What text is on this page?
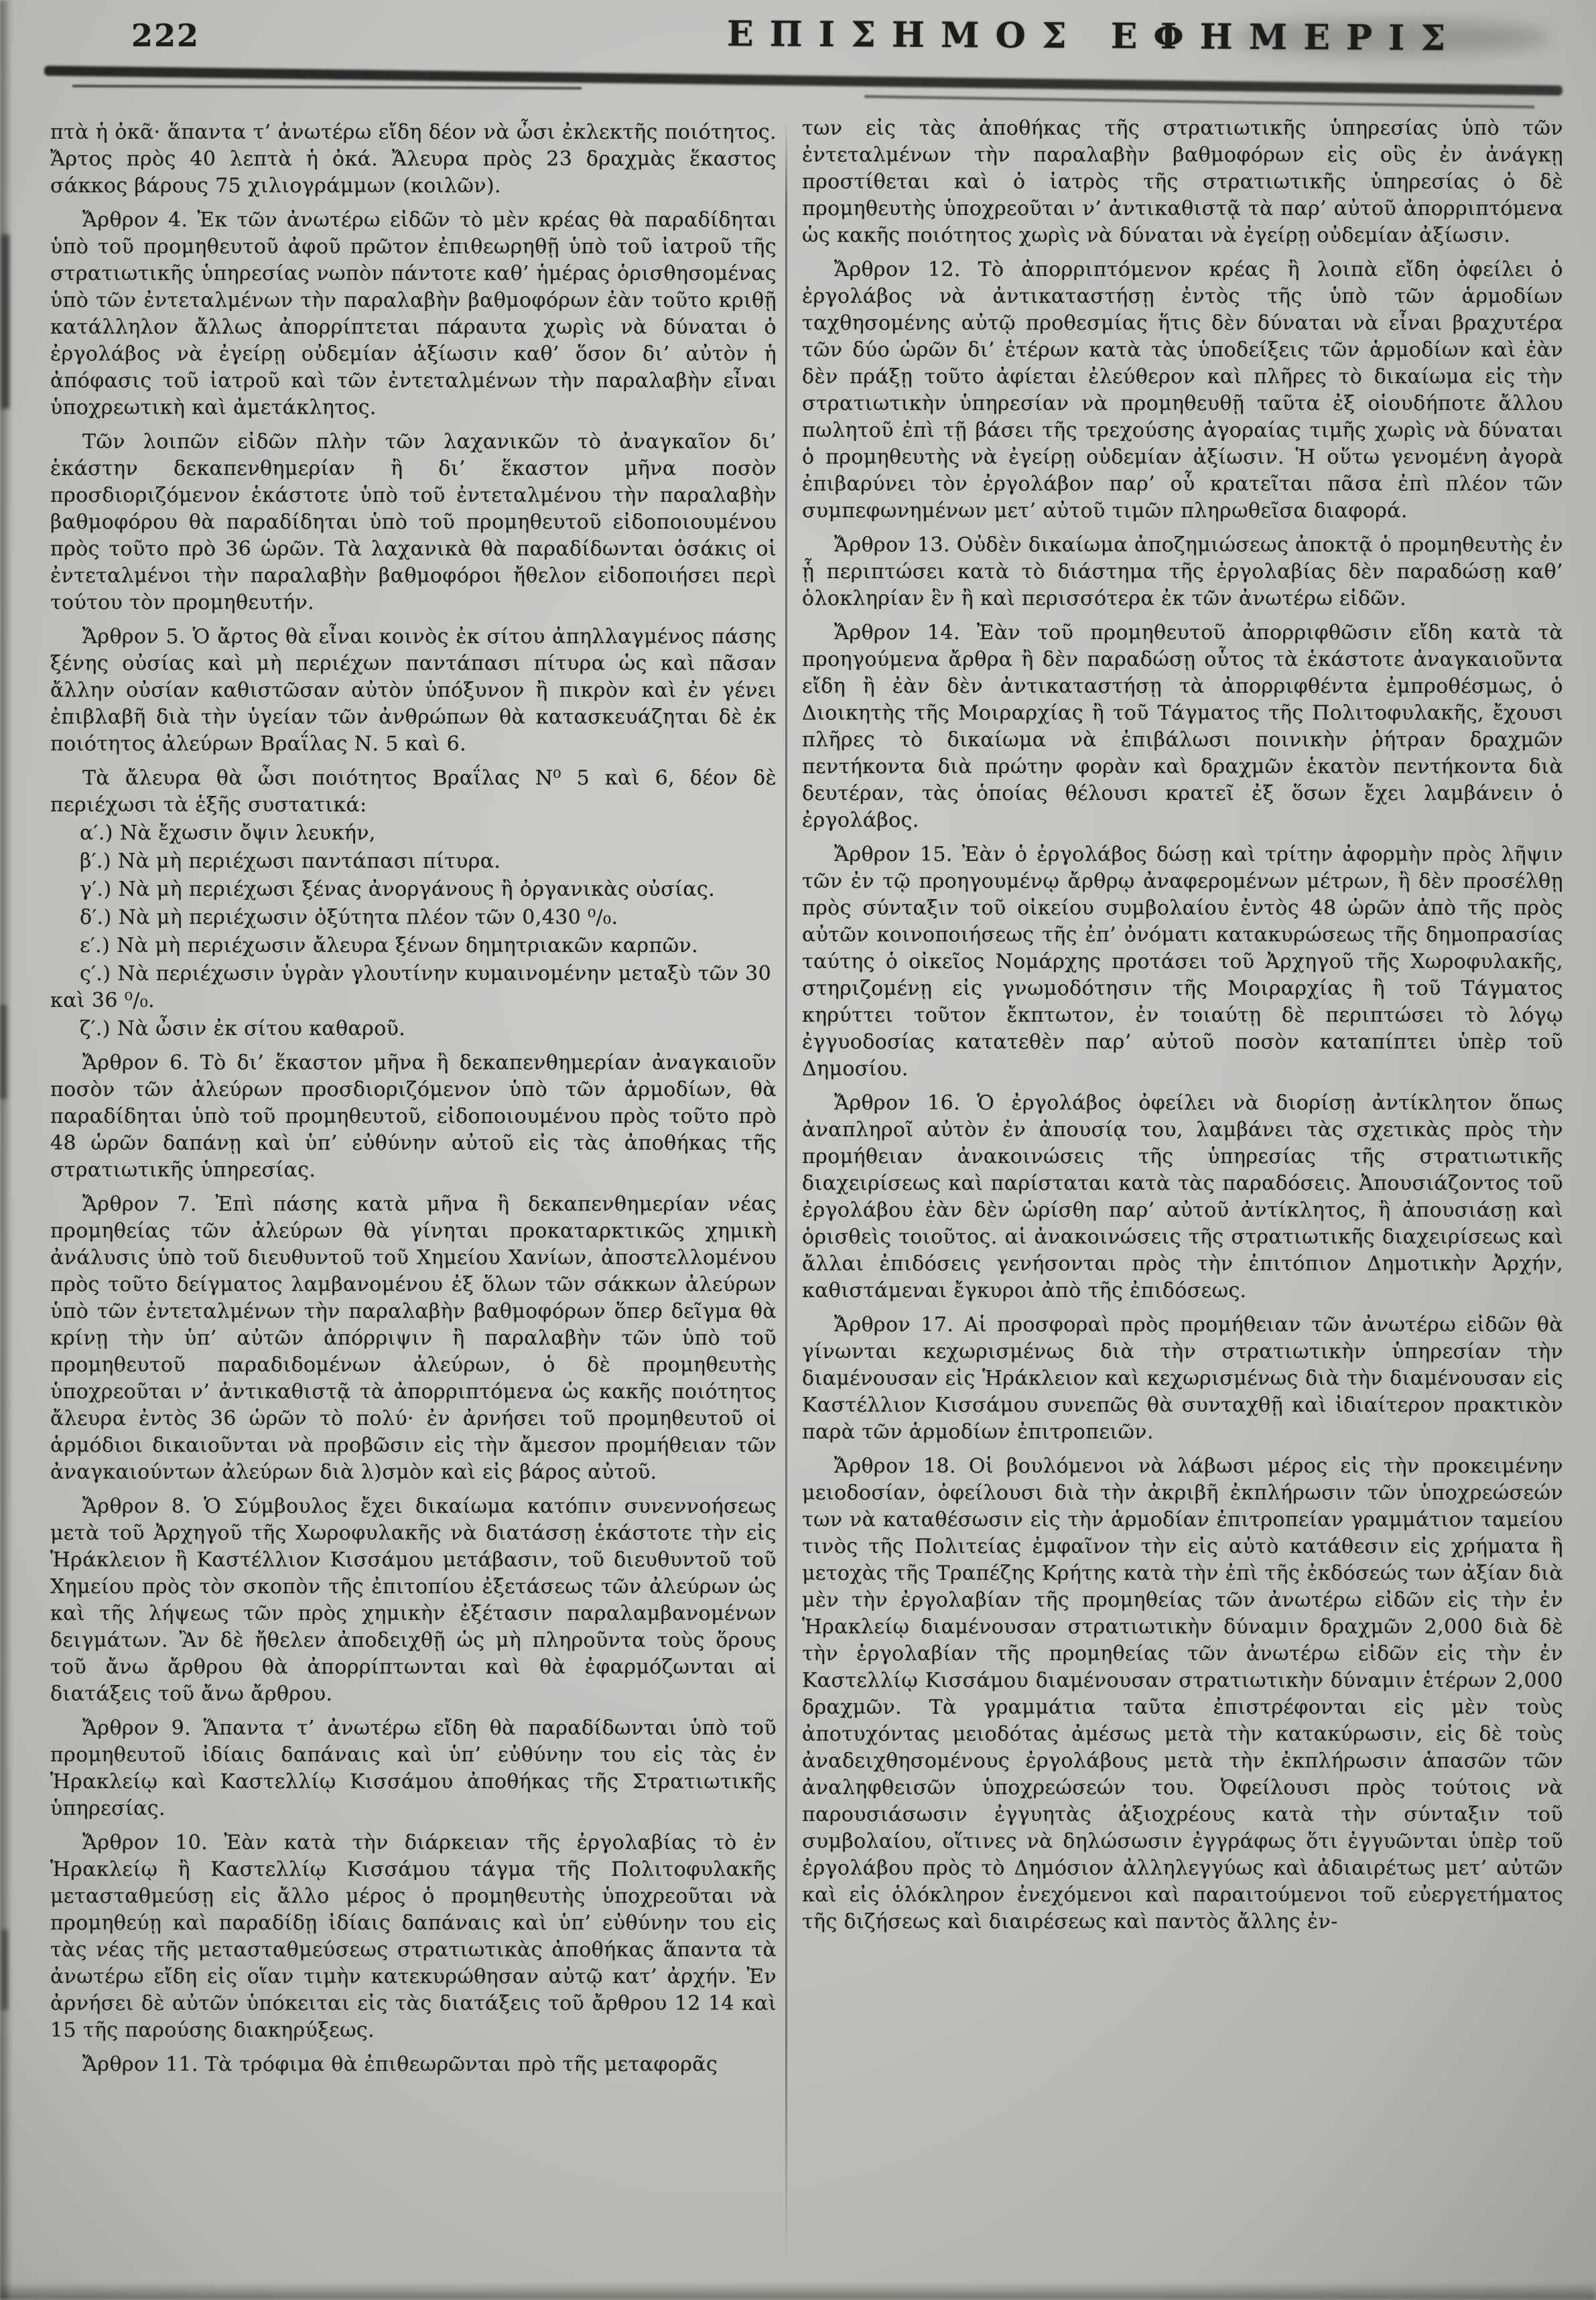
222	ΕΠΙΣΗΜΟΣ ΕΦΗΜΕΡΙΣ

πτὰ ἡ ὀκᾶ· ἅπαντα τ’ ἀνωτέρω εἴδη δέον νὰ ὦσι ἐκλεκτῆς ποιότητος. Ἄρτος πρὸς 40 λεπτὰ ἡ ὀκά. Ἄλευρα πρὸς 23 δραχμὰς ἕκαστος σάκκος βάρους 75 χιλιογράμμων (κοιλῶν).

Ἄρθρον 4. Ἐκ τῶν ἀνωτέρω εἰδῶν τὸ μὲν κρέας θὰ παραδίδηται ὑπὸ τοῦ προμηθευτοῦ ἀφοῦ πρῶτον ἐπιθεωρηθῇ ὑπὸ τοῦ ἰατροῦ τῆς στρατιωτικῆς ὑπηρεσίας νωπὸν πάντοτε καθ’ ἡμέρας ὁρισθησομένας ὑπὸ τῶν ἐντεταλμένων τὴν παραλαβὴν βαθμοφόρων ἐὰν τοῦτο κριθῇ κατάλληλον ἄλλως ἀπορρίπτεται πάραυτα χωρὶς νὰ δύναται ὁ ἐργολάβος νὰ ἐγείρῃ οὐδεμίαν ἀξίωσιν καθ’ ὅσον δι’ αὐτὸν ἡ ἀπόφασις τοῦ ἰατροῦ καὶ τῶν ἐντεταλμένων τὴν παραλαβὴν εἶναι ὑποχρεωτικὴ καὶ ἀμετάκλητος.

Τῶν λοιπῶν εἰδῶν πλὴν τῶν λαχανικῶν τὸ ἀναγκαῖον δι’ ἑκάστην δεκαπενθημερίαν ἢ δι’ ἕκαστον μῆνα ποσὸν προσδιοριζόμενον ἑκάστοτε ὑπὸ τοῦ ἐντεταλμένου τὴν παραλαβὴν βαθμοφόρου θὰ παραδίδηται ὑπὸ τοῦ προμηθευτοῦ εἰδοποιουμένου πρὸς τοῦτο πρὸ 36 ὡρῶν. Τὰ λαχανικὰ θὰ παραδίδωνται ὁσάκις οἱ ἐντεταλμένοι τὴν παραλαβὴν βαθμοφόροι ἤθελον εἰδοποιήσει περὶ τούτου τὸν προμηθευτήν.

Ἄρθρον 5. Ὁ ἄρτος θὰ εἶναι κοινὸς ἐκ σίτου ἀπηλλαγμένος πάσης ξένης οὐσίας καὶ μὴ περιέχων παντάπασι πίτυρα ὡς καὶ πᾶσαν ἄλλην οὐσίαν καθιστῶσαν αὐτὸν ὑπόξυνον ἢ πικρὸν καὶ ἐν γένει ἐπιβλαβῆ διὰ τὴν ὑγείαν τῶν ἀνθρώπων θὰ κατασκευάζηται δὲ ἐκ ποιότητος ἀλεύρων Βραΐλας Ν. 5 καὶ 6.

Τὰ ἄλευρα θὰ ὦσι ποιότητος Βραΐλας Ν⁰ 5 καὶ 6, δέον δὲ περιέχωσι τὰ ἑξῆς συστατικά:

α′.) Νὰ ἔχωσιν ὄψιν λευκήν,

β′.) Νὰ μὴ περιέχωσι παντάπασι πίτυρα.

γ′.) Νὰ μὴ περιέχωσι ξένας ἀνοργάνους ἢ ὀργανικὰς οὐσίας.

δ′.) Νὰ μὴ περιέχωσιν ὀξύτητα πλέον τῶν 0,430 ⁰/₀.

ε′.) Νὰ μὴ περιέχωσιν ἄλευρα ξένων δημητριακῶν καρπῶν.

ς′.) Νὰ περιέχωσιν ὑγρὰν γλουτίνην κυμαινομένην μεταξὺ τῶν 30 καὶ 36 ⁰/₀.

ζ′.) Νὰ ὦσιν ἐκ σίτου καθαροῦ.

Ἄρθρον 6. Τὸ δι’ ἕκαστον μῆνα ἢ δεκαπενθημερίαν ἀναγκαιοῦν ποσὸν τῶν ἀλεύρων προσδιοριζόμενον ὑπὸ τῶν ἁρμοδίων, θὰ παραδίδηται ὑπὸ τοῦ προμηθευτοῦ, εἰδοποιουμένου πρὸς τοῦτο πρὸ 48 ὡρῶν δαπάνῃ καὶ ὑπ’ εὐθύνην αὐτοῦ εἰς τὰς ἀποθήκας τῆς στρατιωτικῆς ὑπηρεσίας.

Ἄρθρον 7. Ἐπὶ πάσης κατὰ μῆνα ἢ δεκαπενθημερίαν νέας προμηθείας τῶν ἀλεύρων θὰ γίνηται προκαταρκτικῶς χημικὴ ἀνάλυσις ὑπὸ τοῦ διευθυντοῦ τοῦ Χημείου Χανίων, ἀποστελλομένου πρὸς τοῦτο δείγματος λαμβανομένου ἐξ ὅλων τῶν σάκκων ἀλεύρων ὑπὸ τῶν ἐντεταλμένων τὴν παραλαβὴν βαθμοφόρων ὅπερ δεῖγμα θὰ κρίνῃ τὴν ὑπ’ αὐτῶν ἀπόρριψιν ἢ παραλαβὴν τῶν ὑπὸ τοῦ προμηθευτοῦ παραδιδομένων ἀλεύρων, ὁ δὲ προμηθευτὴς ὑποχρεοῦται ν’ ἀντικαθιστᾷ τὰ ἀπορριπτόμενα ὡς κακῆς ποιότητος ἄλευρα ἐντὸς 36 ὡρῶν τὸ πολύ· ἐν ἀρνήσει τοῦ προμηθευτοῦ οἱ ἁρμόδιοι δικαιοῦνται νὰ προβῶσιν εἰς τὴν ἄμεσον προμήθειαν τῶν ἀναγκαιούντων ἀλεύρων διὰ λ)σμὸν καὶ εἰς βάρος αὐτοῦ.

Ἄρθρον 8. Ὁ Σύμβουλος ἔχει δικαίωμα κατόπιν συνεννοήσεως μετὰ τοῦ Ἀρχηγοῦ τῆς Χωροφυλακῆς νὰ διατάσσῃ ἑκάστοτε τὴν εἰς Ἡράκλειον ἢ Καστέλλιον Κισσάμου μετάβασιν, τοῦ διευθυντοῦ τοῦ Χημείου πρὸς τὸν σκοπὸν τῆς ἐπιτοπίου ἐξετάσεως τῶν ἀλεύρων ὡς καὶ τῆς λήψεως τῶν πρὸς χημικὴν ἐξέτασιν παραλαμβανομένων δειγμάτων. Ἂν δὲ ἤθελεν ἀποδειχθῇ ὡς μὴ πληροῦντα τοὺς ὅρους τοῦ ἄνω ἄρθρου θὰ ἀπορρίπτωνται καὶ θὰ ἐφαρμόζωνται αἱ διατάξεις τοῦ ἄνω ἄρθρου.

Ἄρθρον 9. Ἅπαντα τ’ ἀνωτέρω εἴδη θὰ παραδίδωνται ὑπὸ τοῦ προμηθευτοῦ ἰδίαις δαπάναις καὶ ὑπ’ εὐθύνην του εἰς τὰς ἐν Ἡρακλείῳ καὶ Καστελλίῳ Κισσάμου ἀποθήκας τῆς Στρατιωτικῆς ὑπηρεσίας.

Ἄρθρον 10. Ἐὰν κατὰ τὴν διάρκειαν τῆς ἐργολαβίας τὸ ἐν Ἡρακλείῳ ἢ Καστελλίῳ Κισσάμου τάγμα τῆς Πολιτοφυλακῆς μετασταθμεύσῃ εἰς ἄλλο μέρος ὁ προμηθευτὴς ὑποχρεοῦται νὰ προμηθεύῃ καὶ παραδίδῃ ἰδίαις δαπάναις καὶ ὑπ’ εὐθύνην του εἰς τὰς νέας τῆς μετασταθμεύσεως στρατιωτικὰς ἀποθήκας ἅπαντα τὰ ἀνωτέρω εἴδη εἰς οἵαν τιμὴν κατεκυρώθησαν αὐτῷ κατ’ ἀρχήν. Ἐν ἀρνήσει δὲ αὐτῶν ὑπόκειται εἰς τὰς διατάξεις τοῦ ἄρθρου 12 14 καὶ 15 τῆς παρούσης διακηρύξεως.

Ἄρθρον 11. Τὰ τρόφιμα θὰ ἐπιθεωρῶνται πρὸ τῆς μεταφορᾶς

των εἰς τὰς ἀποθήκας τῆς στρατιωτικῆς ὑπηρεσίας ὑπὸ τῶν ἐντεταλμένων τὴν παραλαβὴν βαθμοφόρων εἰς οὓς ἐν ἀνάγκῃ προστίθεται καὶ ὁ ἰατρὸς τῆς στρατιωτικῆς ὑπηρεσίας ὁ δὲ προμηθευτὴς ὑποχρεοῦται ν’ ἀντικαθιστᾷ τὰ παρ’ αὐτοῦ ἀπορριπτόμενα ὡς κακῆς ποιότητος χωρὶς νὰ δύναται νὰ ἐγείρῃ οὐδεμίαν ἀξίωσιν.

Ἄρθρον 12. Τὸ ἀπορριπτόμενον κρέας ἢ λοιπὰ εἴδη ὀφείλει ὁ ἐργολάβος νὰ ἀντικαταστήσῃ ἐντὸς τῆς ὑπὸ τῶν ἁρμοδίων ταχθησομένης αὐτῷ προθεσμίας ἥτις δὲν δύναται νὰ εἶναι βραχυτέρα τῶν δύο ὡρῶν δι’ ἑτέρων κατὰ τὰς ὑποδείξεις τῶν ἁρμοδίων καὶ ἐὰν δὲν πράξῃ τοῦτο ἀφίεται ἐλεύθερον καὶ πλῆρες τὸ δικαίωμα εἰς τὴν στρατιωτικὴν ὑπηρεσίαν νὰ προμηθευθῇ ταῦτα ἐξ οἱουδήποτε ἄλλου πωλητοῦ ἐπὶ τῇ βάσει τῆς τρεχούσης ἀγοραίας τιμῆς χωρὶς νὰ δύναται ὁ προμηθευτὴς νὰ ἐγείρῃ οὐδεμίαν ἀξίωσιν. Ἡ οὕτω γενομένη ἀγορὰ ἐπιβαρύνει τὸν ἐργολάβον παρ’ οὗ κρατεῖται πᾶσα ἐπὶ πλέον τῶν συμπεφωνημένων μετ’ αὐτοῦ τιμῶν πληρωθεῖσα διαφορά.

Ἄρθρον 13. Οὐδὲν δικαίωμα ἀποζημιώσεως ἀποκτᾷ ὁ προμηθευτὴς ἐν ᾗ περιπτώσει κατὰ τὸ διάστημα τῆς ἐργολαβίας δὲν παραδώσῃ καθ’ ὁλοκληρίαν ἓν ἢ καὶ περισσότερα ἐκ τῶν ἀνωτέρω εἰδῶν.

Ἄρθρον 14. Ἐὰν τοῦ προμηθευτοῦ ἀπορριφθῶσιν εἴδη κατὰ τὰ προηγούμενα ἄρθρα ἢ δὲν παραδώσῃ οὗτος τὰ ἑκάστοτε ἀναγκαιοῦντα εἴδη ἢ ἐὰν δὲν ἀντικαταστήσῃ τὰ ἀπορριφθέντα ἐμπροθέσμως, ὁ Διοικητὴς τῆς Μοιραρχίας ἢ τοῦ Τάγματος τῆς Πολιτοφυλακῆς, ἔχουσι πλῆρες τὸ δικαίωμα νὰ ἐπιβάλωσι ποινικὴν ῥήτραν δραχμῶν πεντήκοντα διὰ πρώτην φορὰν καὶ δραχμῶν ἑκατὸν πεντήκοντα διὰ δευτέραν, τὰς ὁποίας θέλουσι κρατεῖ ἐξ ὅσων ἔχει λαμβάνειν ὁ ἐργολάβος.

Ἄρθρον 15. Ἐὰν ὁ ἐργολάβος δώσῃ καὶ τρίτην ἀφορμὴν πρὸς λῆψιν τῶν ἐν τῷ προηγουμένῳ ἄρθρῳ ἀναφερομένων μέτρων, ἢ δὲν προσέλθῃ πρὸς σύνταξιν τοῦ οἰκείου συμβολαίου ἐντὸς 48 ὡρῶν ἀπὸ τῆς πρὸς αὐτῶν κοινοποιήσεως τῆς ἐπ’ ὀνόματι κατακυρώσεως τῆς δημοπρασίας ταύτης ὁ οἰκεῖος Νομάρχης προτάσει τοῦ Ἀρχηγοῦ τῆς Χωροφυλακῆς, στηριζομένῃ εἰς γνωμοδότησιν τῆς Μοιραρχίας ἢ τοῦ Τάγματος κηρύττει τοῦτον ἔκπτωτον, ἐν τοιαύτῃ δὲ περιπτώσει τὸ λόγῳ ἐγγυοδοσίας κατατεθὲν παρ’ αὐτοῦ ποσὸν καταπίπτει ὑπὲρ τοῦ Δημοσίου.

Ἄρθρον 16. Ὁ ἐργολάβος ὀφείλει νὰ διορίσῃ ἀντίκλητον ὅπως ἀναπληροῖ αὐτὸν ἐν ἀπουσίᾳ του, λαμβάνει τὰς σχετικὰς πρὸς τὴν προμήθειαν ἀνακοινώσεις τῆς ὑπηρεσίας τῆς στρατιωτικῆς διαχειρίσεως καὶ παρίσταται κατὰ τὰς παραδόσεις. Ἀπουσιάζοντος τοῦ ἐργολάβου ἐὰν δὲν ὡρίσθη παρ’ αὐτοῦ ἀντίκλητος, ἢ ἀπουσιάσῃ καὶ ὁρισθεὶς τοιοῦτος. αἱ ἀνακοινώσεις τῆς στρατιωτικῆς διαχειρίσεως καὶ ἄλλαι ἐπιδόσεις γενήσονται πρὸς τὴν ἐπιτόπιον Δημοτικὴν Ἀρχήν, καθιστάμεναι ἔγκυροι ἀπὸ τῆς ἐπιδόσεως.

Ἄρθρον 17. Αἱ προσφοραὶ πρὸς προμήθειαν τῶν ἀνωτέρω εἰδῶν θὰ γίνωνται κεχωρισμένως διὰ τὴν στρατιωτικὴν ὑπηρεσίαν τὴν διαμένουσαν εἰς Ἡράκλειον καὶ κεχωρισμένως διὰ τὴν διαμένουσαν εἰς Καστέλλιον Κισσάμου συνεπῶς θὰ συνταχθῇ καὶ ἰδιαίτερον πρακτικὸν παρὰ τῶν ἁρμοδίων ἐπιτροπειῶν.

Ἄρθρον 18. Οἱ βουλόμενοι νὰ λάβωσι μέρος εἰς τὴν προκειμένην μειοδοσίαν, ὀφείλουσι διὰ τὴν ἀκριβῆ ἐκπλήρωσιν τῶν ὑποχρεώσεών των νὰ καταθέσωσιν εἰς τὴν ἁρμοδίαν ἐπιτροπείαν γραμμάτιον ταμείου τινὸς τῆς Πολιτείας ἐμφαῖνον τὴν εἰς αὐτὸ κατάθεσιν εἰς χρήματα ἢ μετοχὰς τῆς Τραπέζης Κρήτης κατὰ τὴν ἐπὶ τῆς ἐκδόσεώς των ἀξίαν διὰ μὲν τὴν ἐργολαβίαν τῆς προμηθείας τῶν ἀνωτέρω εἰδῶν εἰς τὴν ἐν Ἡρακλείῳ διαμένουσαν στρατιωτικὴν δύναμιν δραχμῶν 2,000 διὰ δὲ τὴν ἐργολαβίαν τῆς προμηθείας τῶν ἀνωτέρω εἰδῶν εἰς τὴν ἐν Καστελλίῳ Κισσάμου διαμένουσαν στρατιωτικὴν δύναμιν ἑτέρων 2,000 δραχμῶν. Τὰ γραμμάτια ταῦτα ἐπιστρέφονται εἰς μὲν τοὺς ἀποτυχόντας μειοδότας ἀμέσως μετὰ τὴν κατακύρωσιν, εἰς δὲ τοὺς ἀναδειχθησομένους ἐργολάβους μετὰ τὴν ἐκπλήρωσιν ἁπασῶν τῶν ἀναληφθεισῶν ὑποχρεώσεών του. Ὀφείλουσι πρὸς τούτοις νὰ παρουσιάσωσιν ἐγγυητὰς ἀξιοχρέους κατὰ τὴν σύνταξιν τοῦ συμβολαίου, οἵτινες νὰ δηλώσωσιν ἐγγράφως ὅτι ἐγγυῶνται ὑπὲρ τοῦ ἐργολάβου πρὸς τὸ Δημόσιον ἀλληλεγγύως καὶ ἀδιαιρέτως μετ’ αὐτῶν καὶ εἰς ὁλόκληρον ἐνεχόμενοι καὶ παραιτούμενοι τοῦ εὐεργετήματος τῆς διζήσεως καὶ διαιρέσεως καὶ παντὸς ἄλλης ἐν-
